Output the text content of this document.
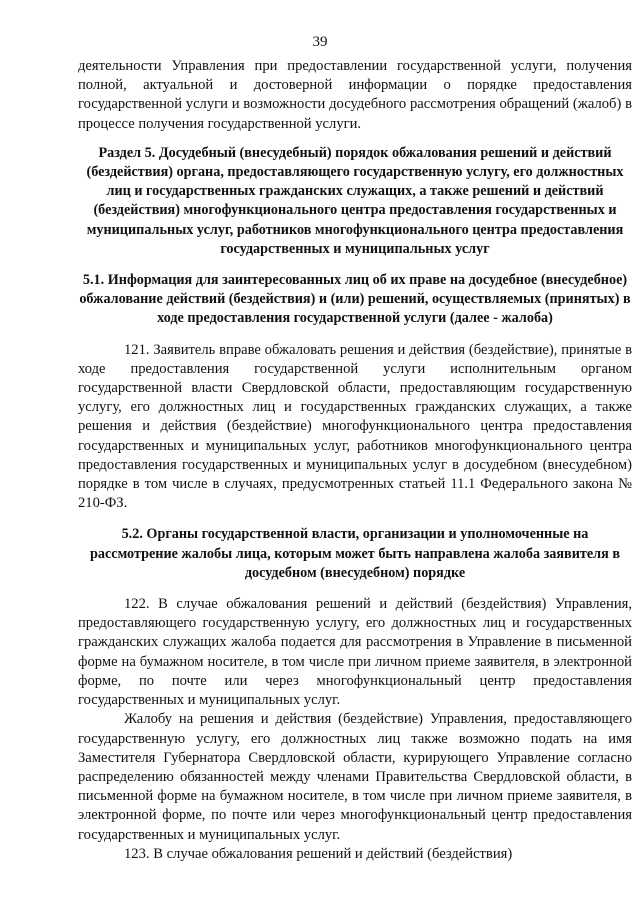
39

деятельности Управления при предоставлении государственной услуги, получения полной, актуальной и достоверной информации о порядке предоставления государственной услуги и возможности досудебного рассмотрения обращений (жалоб) в процессе получения государственной услуги.

Раздел 5. Досудебный (внесудебный) порядок обжалования решений и действий (бездействия) органа, предоставляющего государственную услугу, его должностных лиц и государственных гражданских служащих, а также решений и действий (бездействия) многофункционального центра предоставления государственных и муниципальных услуг, работников многофункционального центра предоставления государственных и муниципальных услуг

5.1. Информация для заинтересованных лиц об их праве на досудебное (внесудебное) обжалование действий (бездействия) и (или) решений, осуществляемых (принятых) в ходе предоставления государственной услуги (далее - жалоба)

121. Заявитель вправе обжаловать решения и действия (бездействие), принятые в ходе предоставления государственной услуги исполнительным органом государственной власти Свердловской области, предоставляющим государственную услугу, его должностных лиц и государственных гражданских служащих, а также решения и действия (бездействие) многофункционального центра предоставления государственных и муниципальных услуг, работников многофункционального центра предоставления государственных и муниципальных услуг в досудебном (внесудебном) порядке в том числе в случаях, предусмотренных статьей 11.1 Федерального закона № 210-ФЗ.

5.2. Органы государственной власти, организации и уполномоченные на рассмотрение жалобы лица, которым может быть направлена жалоба заявителя в досудебном (внесудебном) порядке

122. В случае обжалования решений и действий (бездействия) Управления, предоставляющего государственную услугу, его должностных лиц и государственных гражданских служащих жалоба подается для рассмотрения в Управление в письменной форме на бумажном носителе, в том числе при личном приеме заявителя, в электронной форме, по почте или через многофункциональный центр предоставления государственных и муниципальных услуг.

Жалобу на решения и действия (бездействие) Управления, предоставляющего государственную услугу, его должностных лиц также возможно подать на имя Заместителя Губернатора Свердловской области, курирующего Управление согласно распределению обязанностей между членами Правительства Свердловской области, в письменной форме на бумажном носителе, в том числе при личном приеме заявителя, в электронной форме, по почте или через многофункциональный центр предоставления государственных и муниципальных услуг.

123. В случае обжалования решений и действий (бездействия)
